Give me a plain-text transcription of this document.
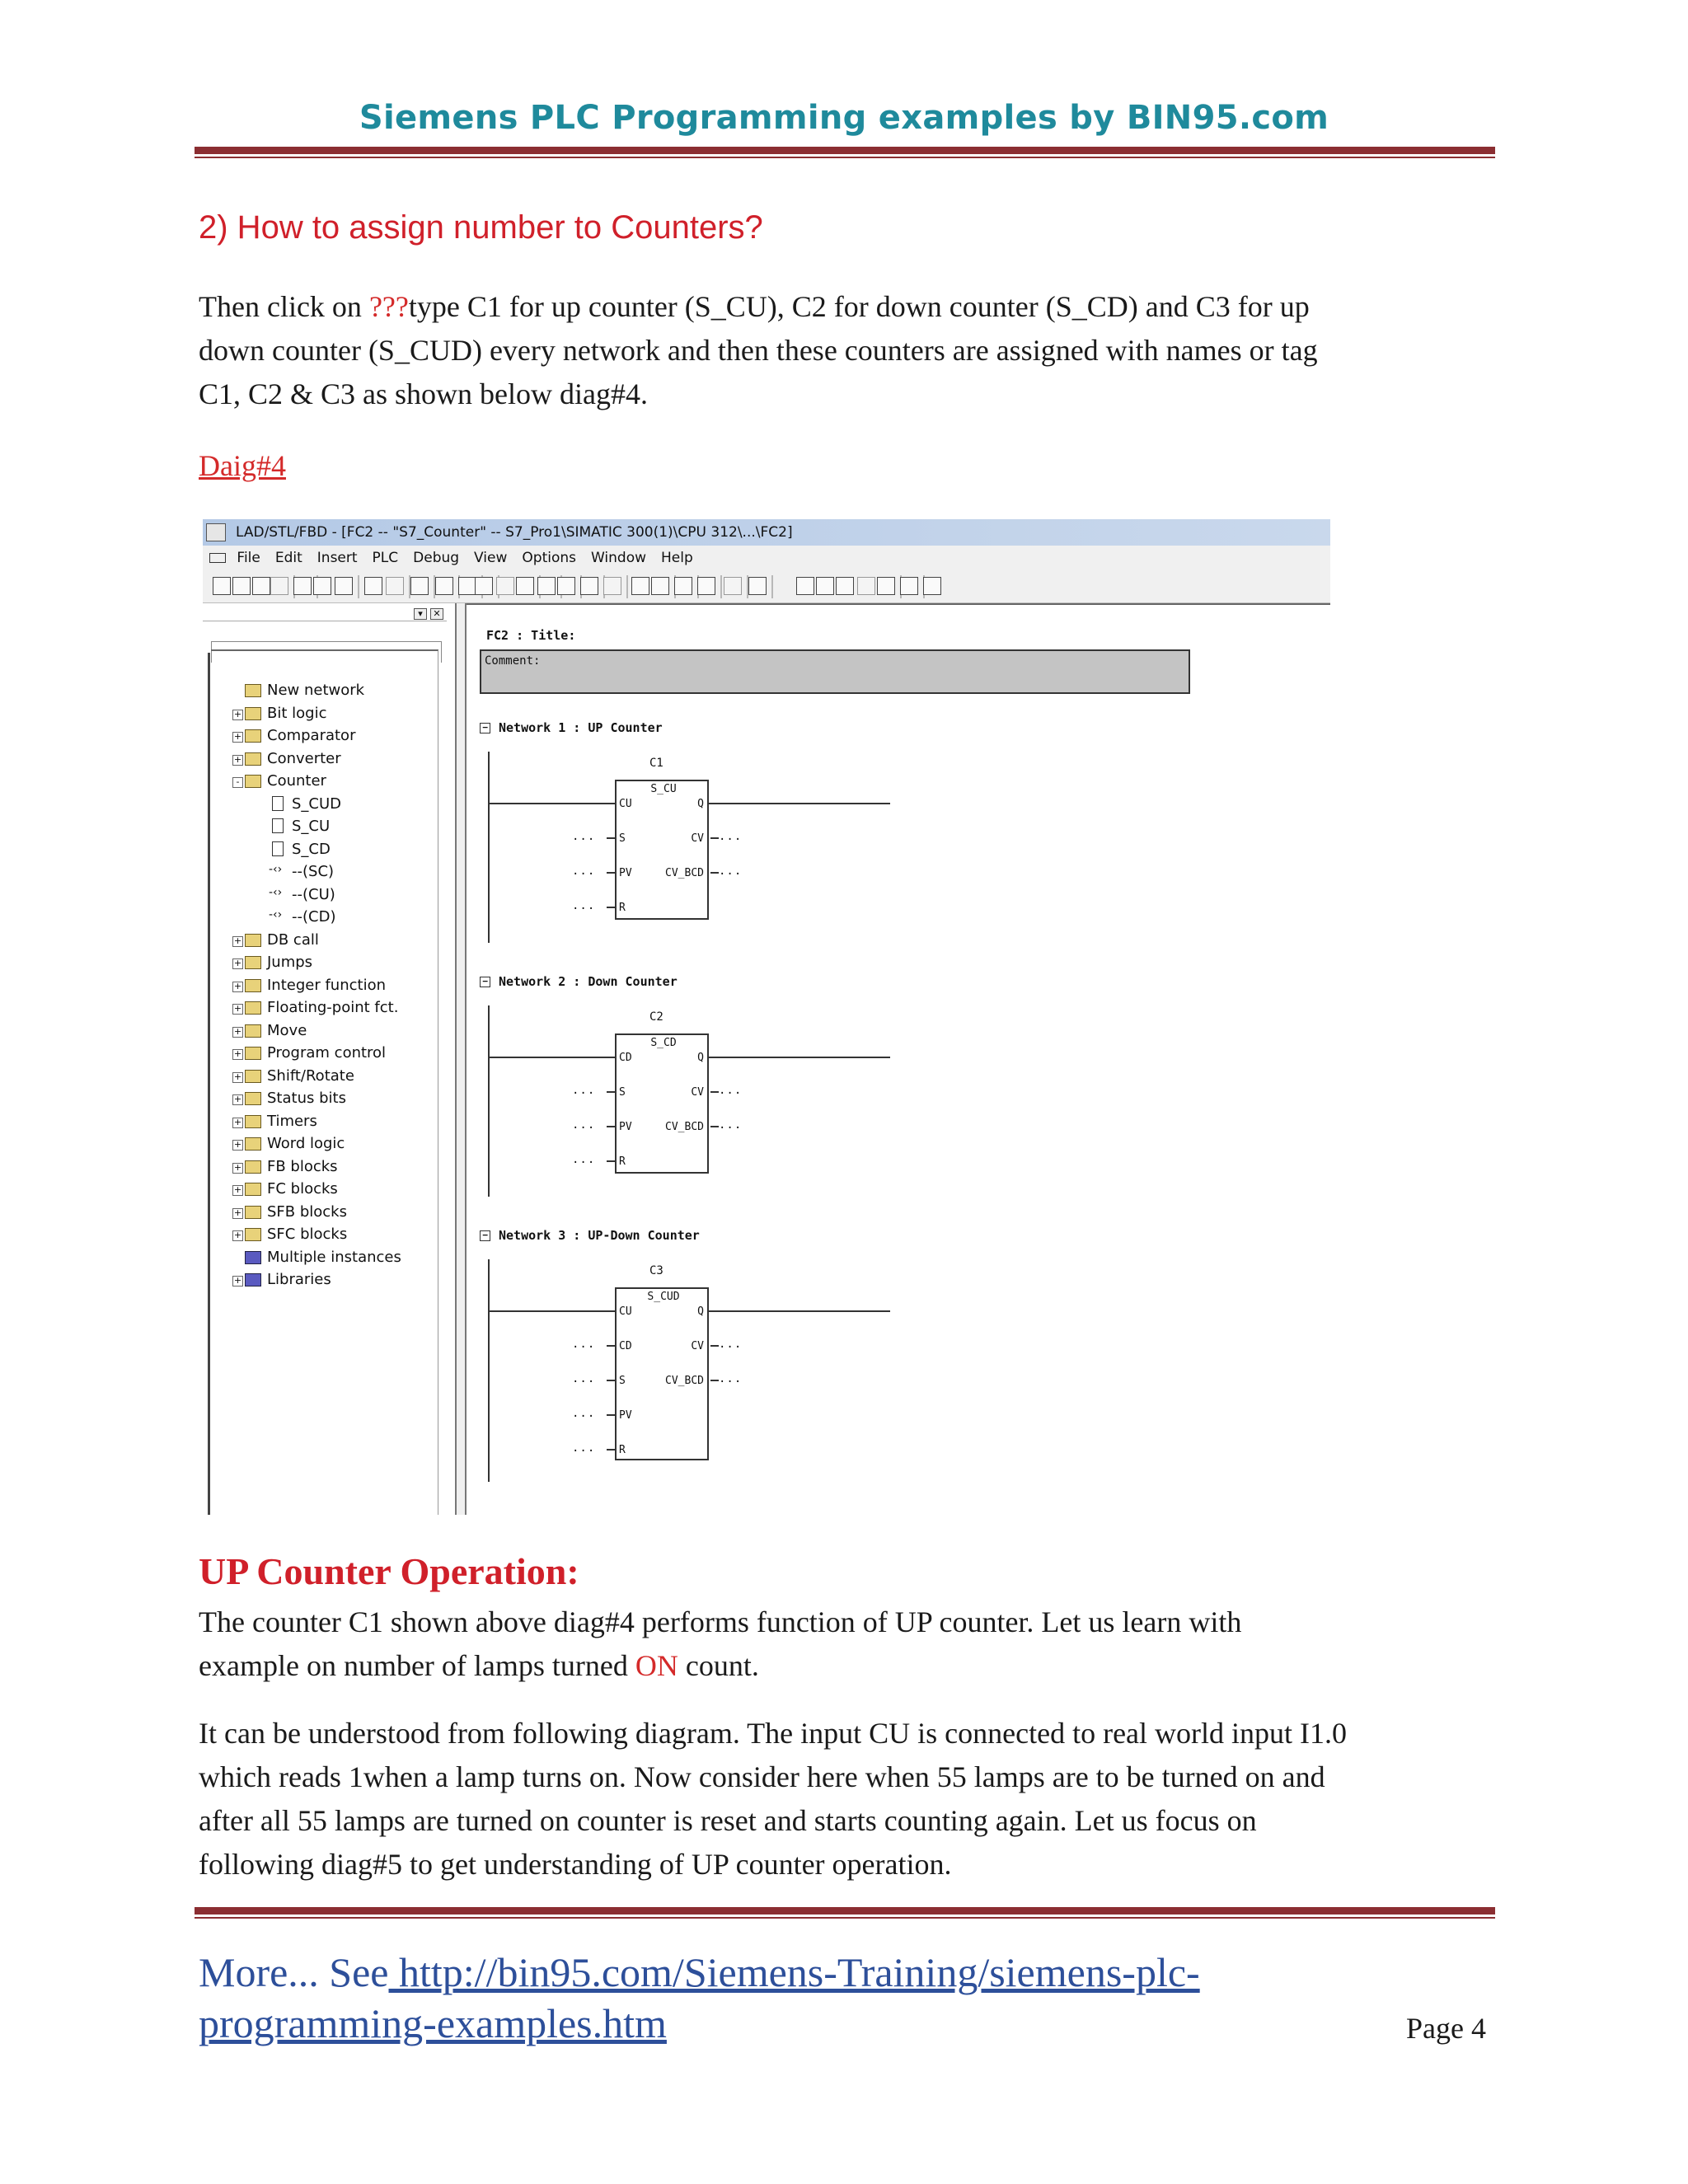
Siemens PLC Programming examples by BIN95.com
2) How to assign number to Counters?
Then click on ???type C1 for up counter (S_CU), C2 for down counter (S_CD) and C3 for up
down counter (S_CUD) every network and then these counters are assigned with names or tag
C1, C2 & C3 as shown below diag#4.
Daig#4
LAD/STL/FBD - [FC2 -- "S7_Counter" -- S7_Pro1\SIMATIC 300(1)\CPU 312\...\FC2]
File Edit Insert PLC Debug View Options Window Help
▾	✕
New network
+ Bit logic
+ Comparator
+ Converter
- Counter
S_CUD
S_CU
S_CD
-‹› --(SC)
-‹› --(CU)
-‹› --(CD)
+ DB call
+ Jumps
+ Integer function
+ Floating-point fct.
+ Move
+ Program control
+ Shift/Rotate
+ Status bits
+ Timers
+ Word logic
+ FB blocks
+ FC blocks
+ SFB blocks
+ SFC blocks
Multiple instances
+ Libraries
FC2 : Title:
Comment:
− Network 1 : UP Counter
C1
S_CU
CU
S
PV
R
Q
CV
CV_BCD
...
...
...
...
...
− Network 2 : Down Counter
C2
S_CD
CD
S
PV
R
Q
CV
CV_BCD
...
...
...
...
...
− Network 3 : UP-Down Counter
C3
S_CUD
CU
CD
S
PV
R
Q
CV
CV_BCD
...
...
...
...
...
...
UP Counter Operation:
The counter C1 shown above diag#4 performs function of UP counter. Let us learn with
example on number of lamps turned ON count.
It can be understood from following diagram. The input CU is connected to real world input I1.0
which reads 1when a lamp turns on. Now consider here when 55 lamps are to be turned on and
after all 55 lamps are turned on counter is reset and starts counting again. Let us focus on
following diag#5 to get understanding of UP counter operation.
More... See http://bin95.com/Siemens-Training/siemens-plc-
programming-examples.htm	Page 4
